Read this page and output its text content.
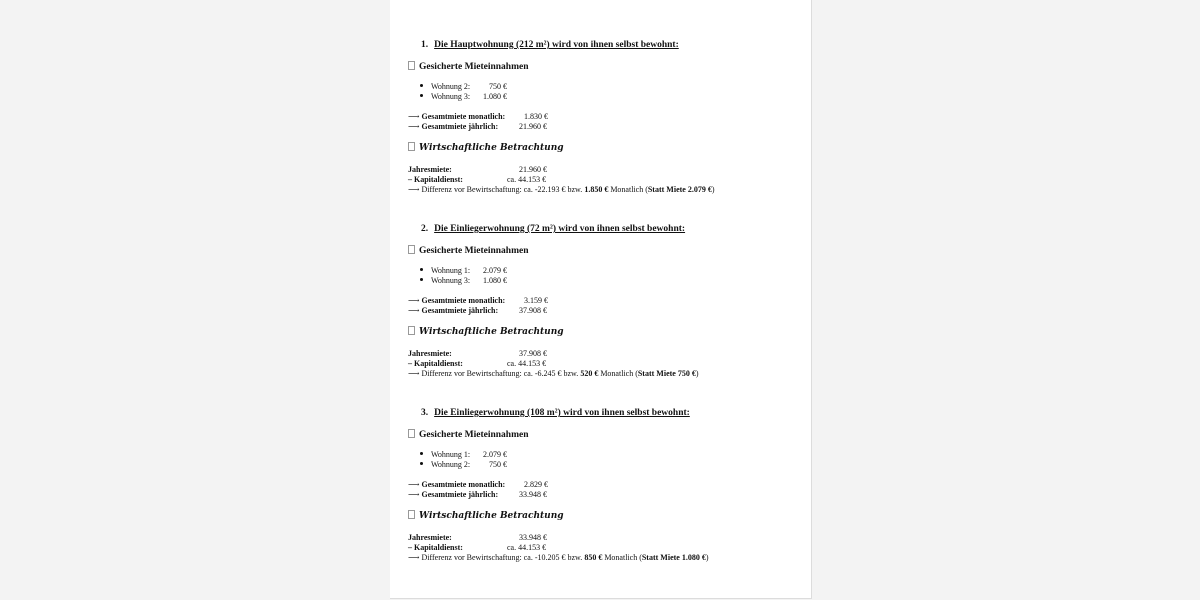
1. Die Hauptwohnung (212 m²) wird von ihnen selbst bewohnt:
Gesicherte Mieteinnahmen
Wohnung 2: 750 €
Wohnung 3: 1.080 €
⟶ Gesamtmiete monatlich: 1.830 €
⟶ Gesamtmiete jährlich:	21.960 €
Wirtschaftliche Betrachtung
Jahresmiete:	21.960 €
– Kapitaldienst:	ca. 44.153 €
⟶ Differenz vor Bewirtschaftung: ca. -22.193 € bzw. 1.850 € Monatlich (Statt Miete 2.079 €)
2. Die Einliegerwohnung (72 m²) wird von ihnen selbst bewohnt:
Gesicherte Mieteinnahmen
Wohnung 1: 2.079 €
Wohnung 3: 1.080 €
⟶ Gesamtmiete monatlich: 3.159 €
⟶ Gesamtmiete jährlich:	37.908 €
Wirtschaftliche Betrachtung
Jahresmiete:	37.908 €
– Kapitaldienst:	ca. 44.153 €
⟶ Differenz vor Bewirtschaftung: ca. -6.245 € bzw. 520 € Monatlich (Statt Miete 750 €)
3. Die Einliegerwohnung (108 m²) wird von ihnen selbst bewohnt:
Gesicherte Mieteinnahmen
Wohnung 1: 2.079 €
Wohnung 2: 750 €
⟶ Gesamtmiete monatlich: 2.829 €
⟶ Gesamtmiete jährlich:	33.948 €
Wirtschaftliche Betrachtung
Jahresmiete:	33.948 €
– Kapitaldienst:	ca. 44.153 €
⟶ Differenz vor Bewirtschaftung: ca. -10.205 € bzw. 850 € Monatlich (Statt Miete 1.080 €)
